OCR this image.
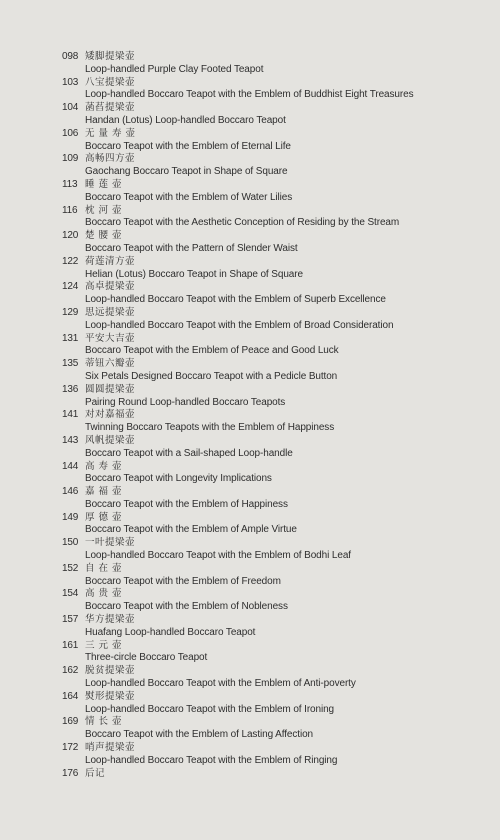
098 矮脚提梁壶
Loop-handled Purple Clay Footed Teapot
103 八宝提梁壶
Loop-handled Boccaro Teapot with the Emblem of Buddhist Eight Treasures
104 菡萏提梁壶
Handan (Lotus) Loop-handled Boccaro Teapot
106 无 量 寿 壶
Boccaro Teapot with the Emblem of Eternal Life
109 高畅四方壶
Gaochang Boccaro Teapot in Shape of Square
113 睡 莲 壶
Boccaro Teapot with the Emblem of Water Lilies
116 枕 河 壶
Boccaro Teapot with the Aesthetic Conception of Residing by the Stream
120 楚 腰 壶
Boccaro Teapot with the Pattern of Slender Waist
122 荷莲清方壶
Helian (Lotus) Boccaro Teapot in Shape of Square
124 高卓提梁壶
Loop-handled Boccaro Teapot with the Emblem of Superb Excellence
129 思远提梁壶
Loop-handled Boccaro Teapot with the Emblem of Broad Consideration
131 平安大吉壶
Boccaro Teapot with the Emblem of Peace and Good Luck
135 蒂钮六瓣壶
Six Petals Designed Boccaro Teapot with a Pedicle Button
136 圆圆提梁壶
Pairing Round Loop-handled Boccaro Teapots
141 对对嘉福壶
Twinning Boccaro Teapots with the Emblem of Happiness
143 风帆提梁壶
Boccaro Teapot with a Sail-shaped Loop-handle
144 高 寿 壶
Boccaro Teapot with Longevity Implications
146 嘉 福 壶
Boccaro Teapot with the Emblem of Happiness
149 厚 德 壶
Boccaro Teapot with the Emblem of Ample Virtue
150 一叶提梁壶
Loop-handled Boccaro Teapot with the Emblem of Bodhi Leaf
152 自 在 壶
Boccaro Teapot with the Emblem of Freedom
154 高 贵 壶
Boccaro Teapot with the Emblem of Nobleness
157 华方提梁壶
Huafang Loop-handled Boccaro Teapot
161 三 元 壶
Three-circle Boccaro Teapot
162 脱贫提梁壶
Loop-handled Boccaro Teapot with the Emblem of Anti-poverty
164 熨形提梁壶
Loop-handled Boccaro Teapot with the Emblem of Ironing
169 情 长 壶
Boccaro Teapot with the Emblem of Lasting Affection
172 哨声提梁壶
Loop-handled Boccaro Teapot with the Emblem of Ringing
176 后记
